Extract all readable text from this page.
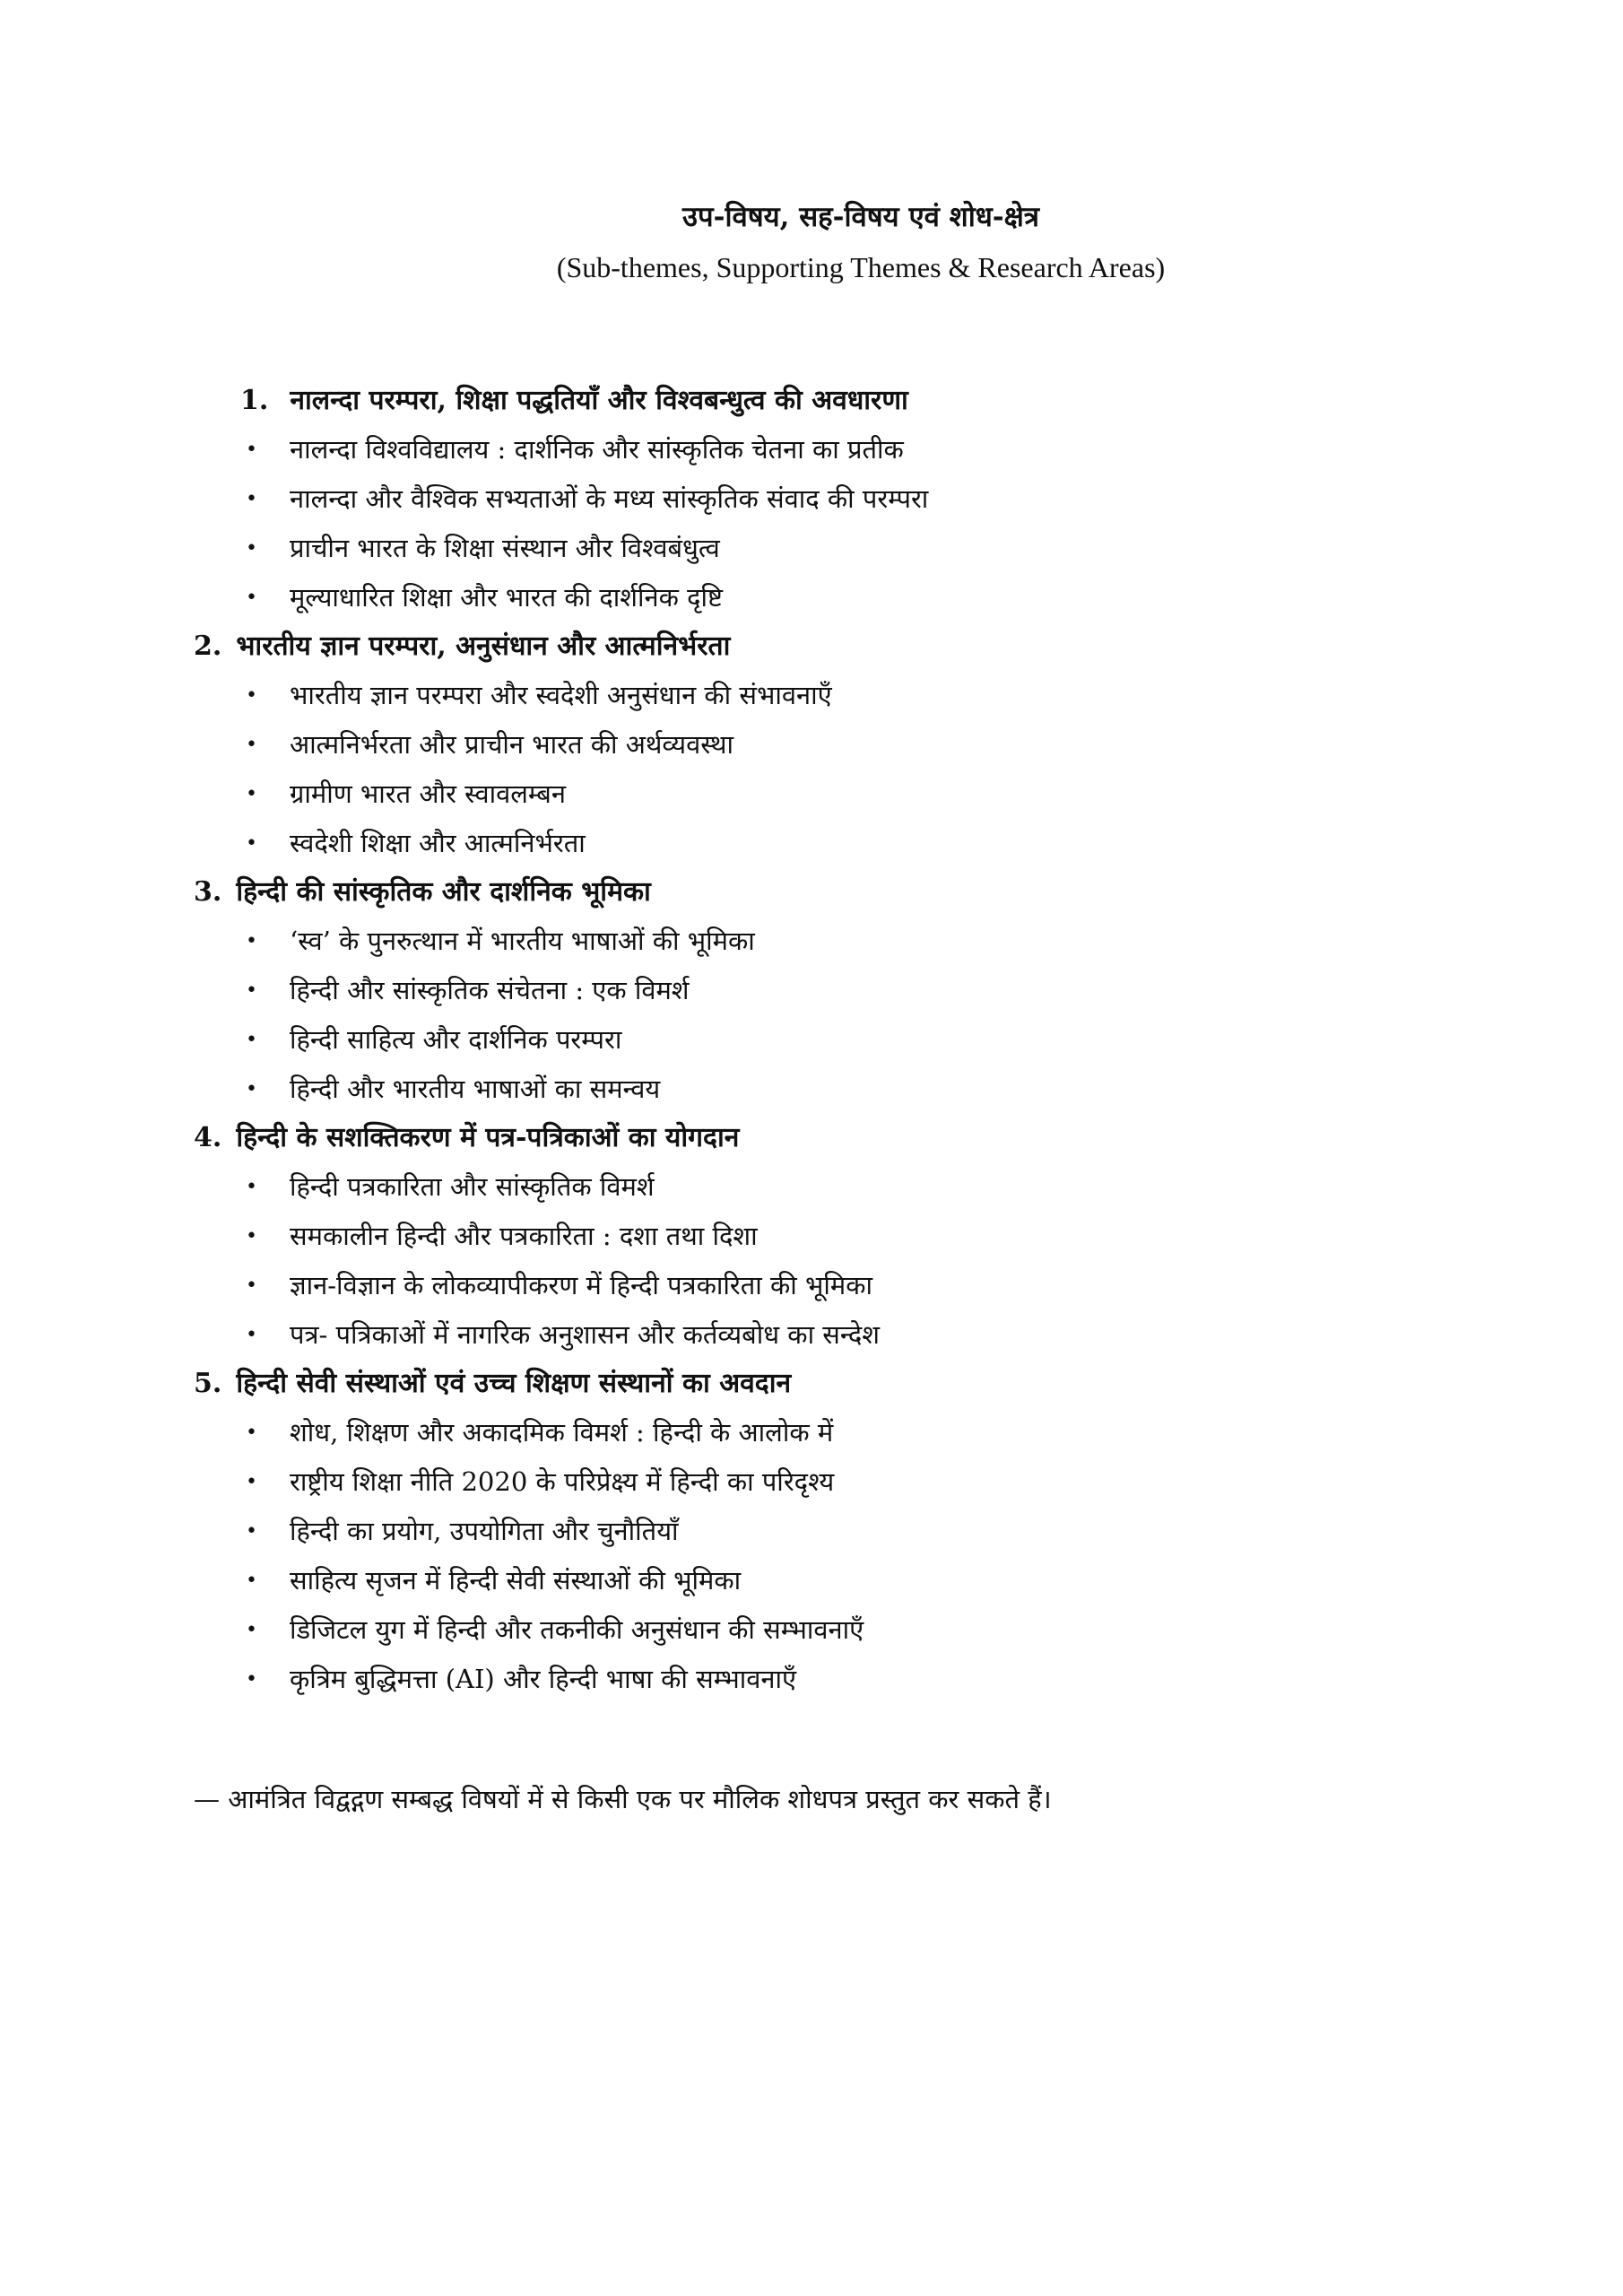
उप-विषय, सह-विषय एवं शोध-क्षेत्र
(Sub-themes, Supporting Themes & Research Areas)
1. नालन्दा परम्परा, शिक्षा पद्धतियाँ और विश्वबन्धुत्व की अवधारणा
• नालन्दा विश्वविद्यालय : दार्शनिक और सांस्कृतिक चेतना का प्रतीक
• नालन्दा और वैश्विक सभ्यताओं के मध्य सांस्कृतिक संवाद की परम्परा
• प्राचीन भारत के शिक्षा संस्थान और विश्वबंधुत्व
• मूल्याधारित शिक्षा और भारत की दार्शनिक दृष्टि
2. भारतीय ज्ञान परम्परा, अनुसंधान और आत्मनिर्भरता
• भारतीय ज्ञान परम्परा और स्वदेशी अनुसंधान की संभावनाएँ
• आत्मनिर्भरता और प्राचीन भारत की अर्थव्यवस्था
• ग्रामीण भारत और स्वावलम्बन
• स्वदेशी शिक्षा और आत्मनिर्भरता
3. हिन्दी की सांस्कृतिक और दार्शनिक भूमिका
• ‘स्व’ के पुनरुत्थान में भारतीय भाषाओं की भूमिका
• हिन्दी और सांस्कृतिक संचेतना : एक विमर्श
• हिन्दी साहित्य और दार्शनिक परम्परा
• हिन्दी और भारतीय भाषाओं का समन्वय
4. हिन्दी के सशक्तिकरण में पत्र-पत्रिकाओं का योगदान
• हिन्दी पत्रकारिता और सांस्कृतिक विमर्श
• समकालीन हिन्दी और पत्रकारिता : दशा तथा दिशा
• ज्ञान-विज्ञान के लोकव्यापीकरण में हिन्दी पत्रकारिता की भूमिका
• पत्र- पत्रिकाओं में नागरिक अनुशासन और कर्तव्यबोध का सन्देश
5. हिन्दी सेवी संस्थाओं एवं उच्च शिक्षण संस्थानों का अवदान
• शोध, शिक्षण और अकादमिक विमर्श : हिन्दी के आलोक में
• राष्ट्रीय शिक्षा नीति 2020 के परिप्रेक्ष्य में हिन्दी का परिदृश्य
• हिन्दी का प्रयोग, उपयोगिता और चुनौतियाँ
• साहित्य सृजन में हिन्दी सेवी संस्थाओं की भूमिका
• डिजिटल युग में हिन्दी और तकनीकी अनुसंधान की सम्भावनाएँ
• कृत्रिम बुद्धिमत्ता (AI) और हिन्दी भाषा की सम्भावनाएँ
— आमंत्रित विद्वद्गण सम्बद्ध विषयों में से किसी एक पर मौलिक शोधपत्र प्रस्तुत कर सकते हैं।
